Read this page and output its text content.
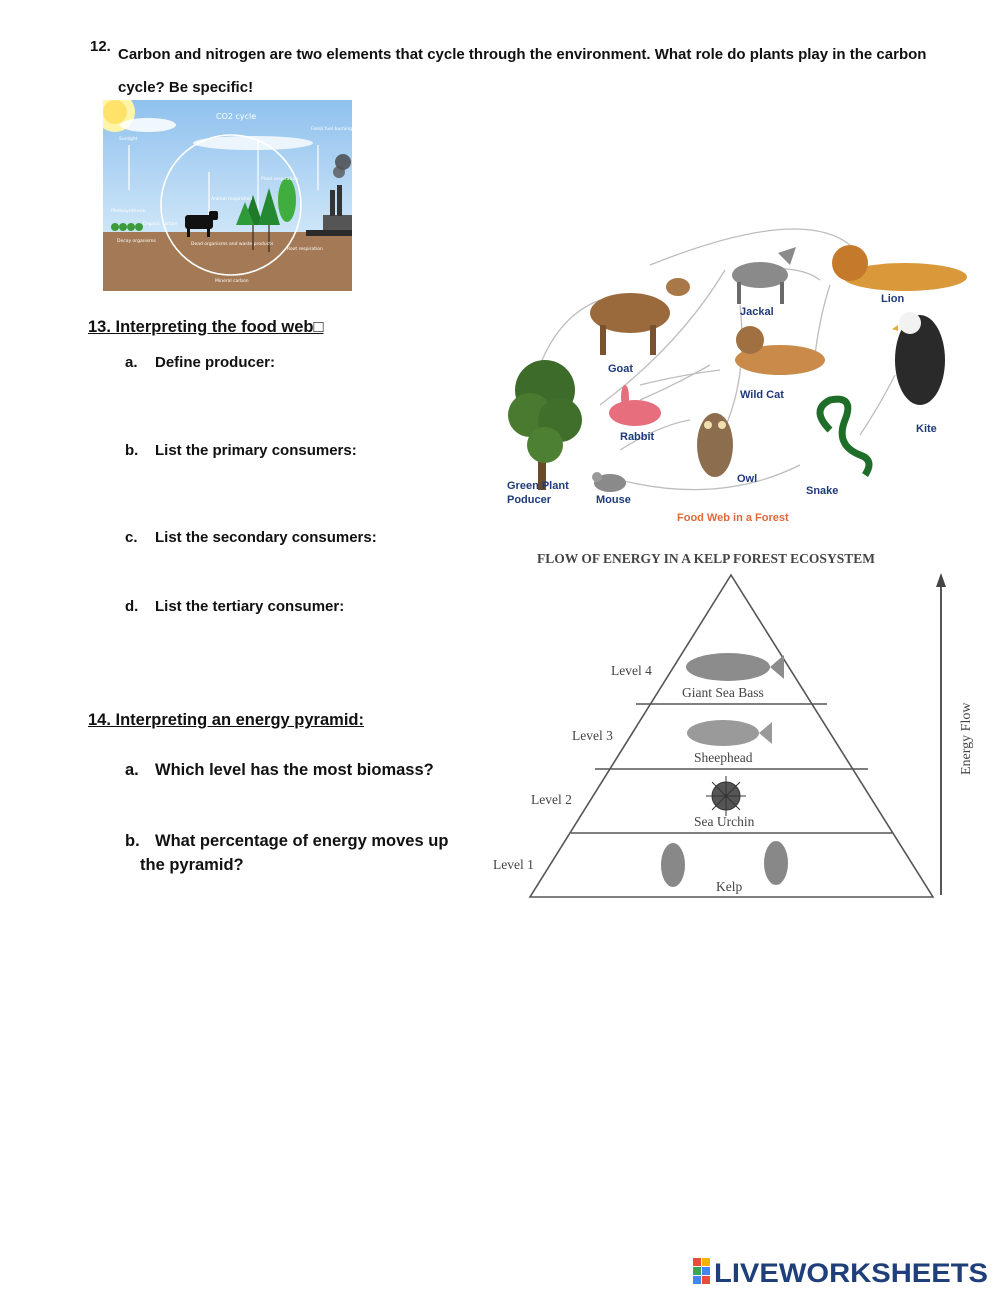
12. Carbon and nitrogen are two elements that cycle through the environment. What role do plants play in the carbon cycle? Be specific!
CO2 cycle
Sunlight
Photosynthesis
Organic carbon
Decay organisms
Animal respiration
Plant respiration
Fossil fuel burning
Dead organisms and waste products
Root respiration
Mineral carbon
13. Interpreting the food web□
a. Define producer:
b. List the primary consumers:
c. List the secondary consumers:
d. List the tertiary consumer:
Goat
Jackal
Lion
Wild Cat
Kite
Rabbit
Owl
Snake
Green Plant
Poducer	Mouse
Food Web in a Forest
14. Interpreting an energy pyramid:
a. Which level has the most biomass?
b. What percentage of energy moves up
the pyramid?
FLOW OF ENERGY IN A KELP FOREST ECOSYSTEM
Level 4
Giant Sea Bass
Level 3
Sheephead
Level 2
Sea Urchin
Level 1
Kelp
Energy Flow
LIVEWORKSHEETS
